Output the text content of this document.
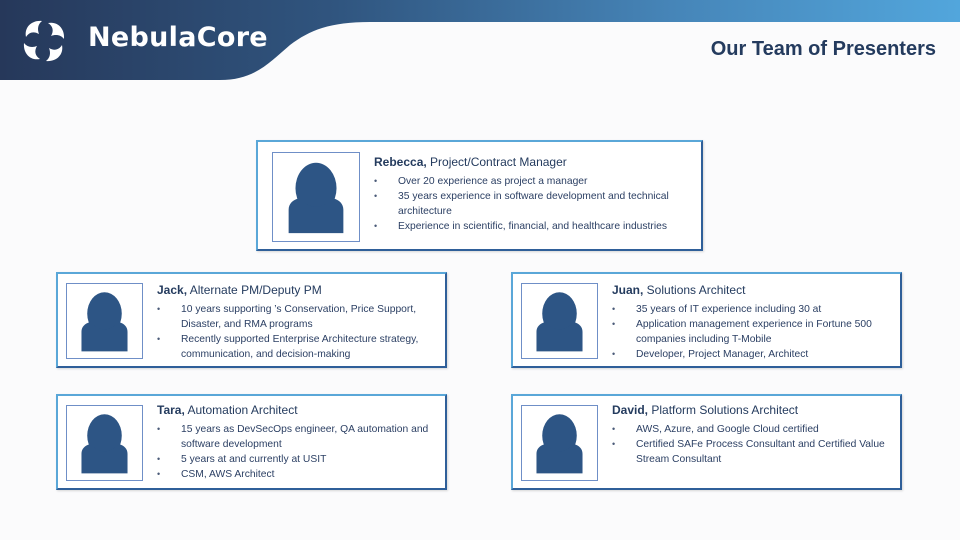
NebulaCore	Our Team of Presenters
Rebecca, Project/Contract Manager
• Over 20 experience as project a manager
• 35 years experience in software development and technical architecture
• Experience in scientific, financial, and healthcare industries
Jack, Alternate PM/Deputy PM
• 10 years supporting ’s Conservation, Price Support, Disaster, and RMA programs
• Recently supported Enterprise Architecture strategy, communication, and decision-making
Juan, Solutions Architect
• 35 years of IT experience including 30 at
• Application management experience in Fortune 500 companies including T-Mobile
• Developer, Project Manager, Architect
Tara, Automation Architect
• 15 years as DevSecOps engineer, QA automation and software development
• 5 years at and currently at USIT
• CSM, AWS Architect
David, Platform Solutions Architect
• AWS, Azure, and Google Cloud certified
• Certified SAFe Process Consultant and Certified Value Stream Consultant
